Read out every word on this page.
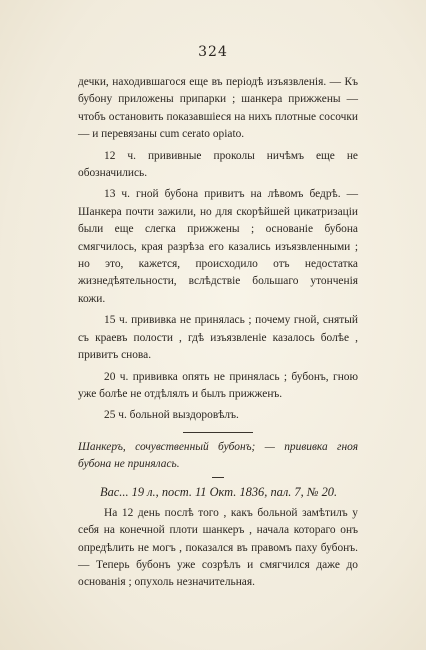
324

дечки, находившагося еще въ періодѣ изъязвленія. — Къ бубону приложены припарки ; шанкера прижжены — чтобъ остановить показавшіеся на нихъ плотные сосочки — и перевязаны cum cerato opiato.

12 ч. прививные проколы ничѣмъ еще не обозначились.

13 ч. гной бубона привитъ на лѣвомъ бедрѣ. — Шанкера почти зажили, но для скорѣйшей цикатризаціи были еще слегка прижжены ; основаніе бубона смягчилось, края разрѣза его казались изъязвленными ; но это, кажется, происходило отъ недостатка жизнедѣятельности, вслѣдствіе большаго утонченія кожи.

15 ч. прививка не принялась ; почему гной, снятый съ краевъ полости , гдѣ изъязвленіе казалось болѣе , привитъ снова.

20 ч. прививка опять не принялась ; бубонъ, гною уже болѣе не отдѣлялъ и былъ прижженъ.

25 ч. больной выздоровѣлъ.

Шанкеръ, сочувственный бубонъ; — прививка гноя бубона не принялась.

Вас... 19 л., пост. 11 Окт. 1836, пал. 7, № 20.

На 12 день послѣ того , какъ больной замѣтилъ у себя на конечной плоти шанкеръ , начала котораго онъ опредѣлить не могъ , показался въ правомъ паху бубонъ. — Теперь бубонъ уже созрѣлъ и смягчился даже до основанія ; опухоль незначительная.
